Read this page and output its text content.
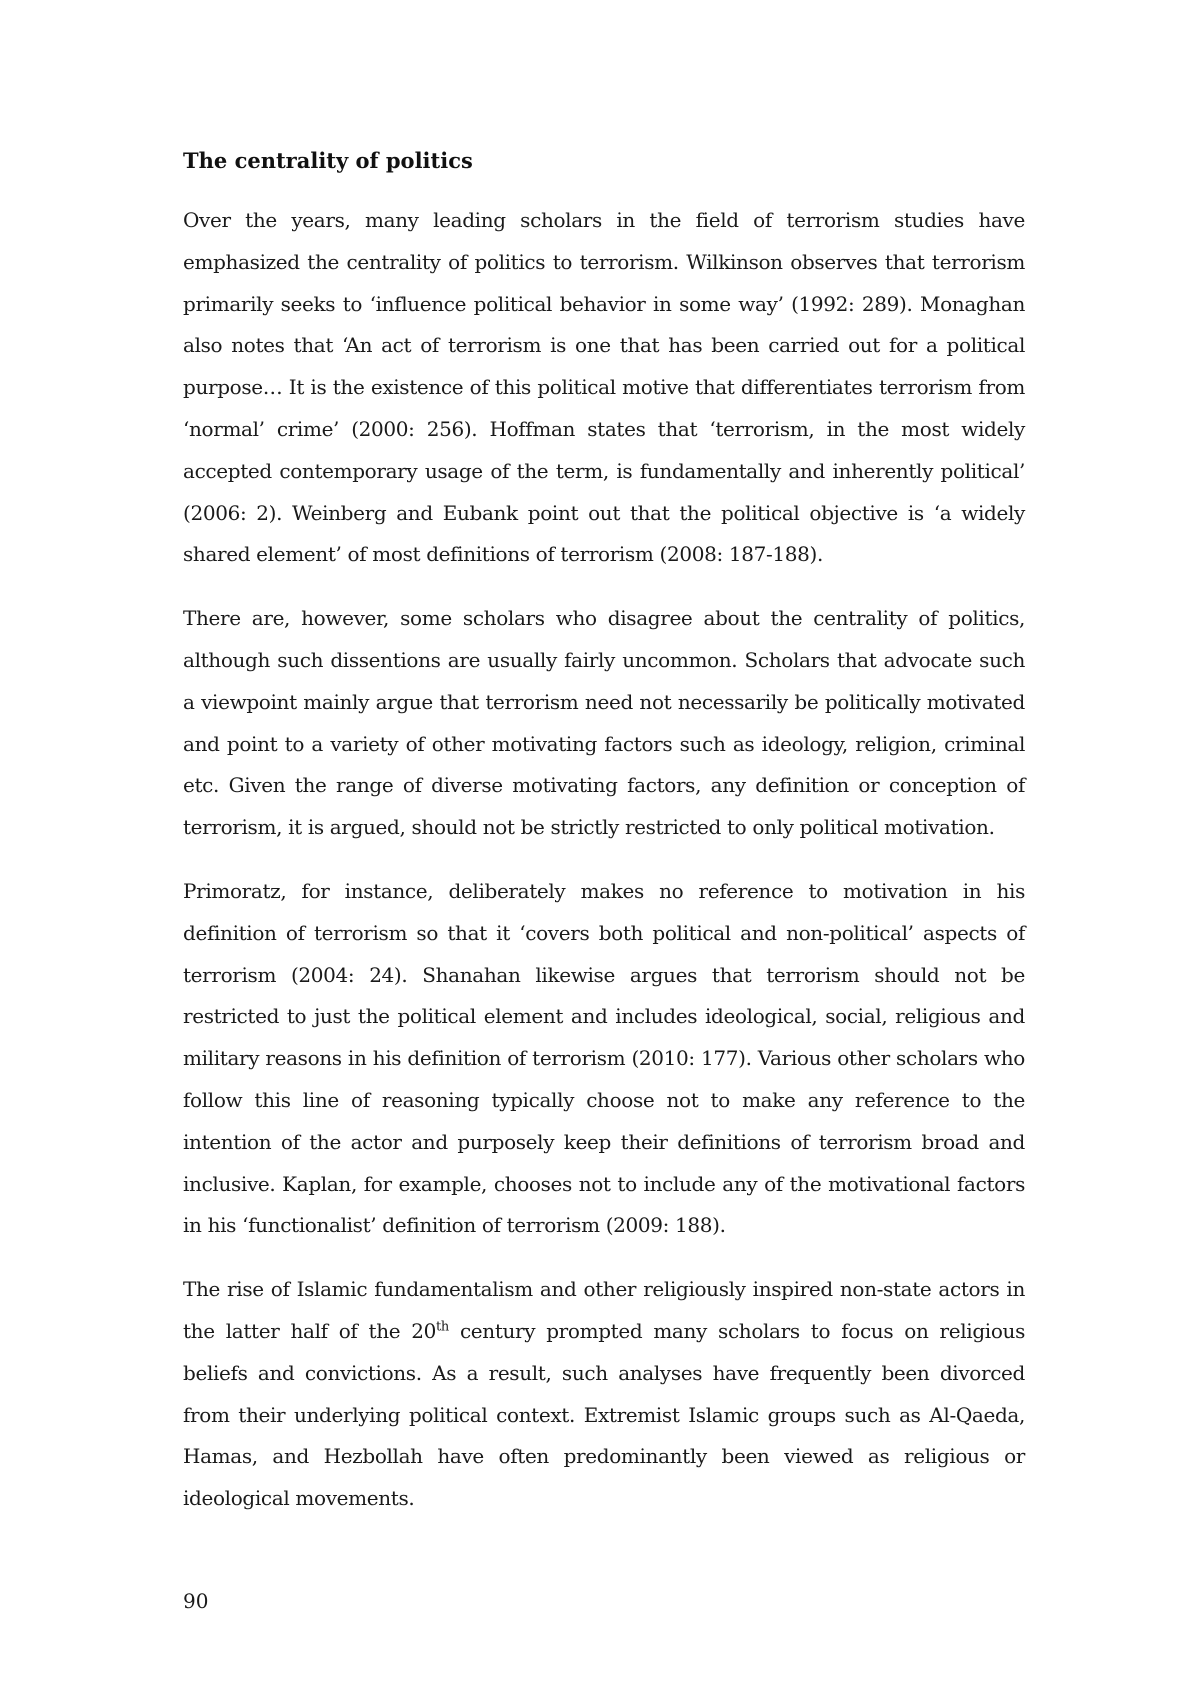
The centrality of politics

Over the years, many leading scholars in the field of terrorism studies have emphasized the centrality of politics to terrorism. Wilkinson observes that terrorism primarily seeks to ‘influence political behavior in some way’ (1992: 289). Monaghan also notes that ‘An act of terrorism is one that has been carried out for a political purpose… It is the existence of this political motive that differentiates terrorism from ‘normal’ crime’ (2000: 256). Hoffman states that ‘terrorism, in the most widely accepted contemporary usage of the term, is fundamentally and inherently political’ (2006: 2). Weinberg and Eubank point out that the political objective is ‘a widely shared element’ of most definitions of terrorism (2008: 187-188).

There are, however, some scholars who disagree about the centrality of politics, although such dissentions are usually fairly uncommon. Scholars that advocate such a viewpoint mainly argue that terrorism need not necessarily be politically motivated and point to a variety of other motivating factors such as ideology, religion, criminal etc. Given the range of diverse motivating factors, any definition or conception of terrorism, it is argued, should not be strictly restricted to only political motivation.

Primoratz, for instance, deliberately makes no reference to motivation in his definition of terrorism so that it ‘covers both political and non-political’ aspects of terrorism (2004: 24). Shanahan likewise argues that terrorism should not be restricted to just the political element and includes ideological, social, religious and military reasons in his definition of terrorism (2010: 177). Various other scholars who follow this line of reasoning typically choose not to make any reference to the intention of the actor and purposely keep their definitions of terrorism broad and inclusive. Kaplan, for example, chooses not to include any of the motivational factors in his ‘functionalist’ definition of terrorism (2009: 188).

The rise of Islamic fundamentalism and other religiously inspired non-state actors in the latter half of the 20th century prompted many scholars to focus on religious beliefs and convictions. As a result, such analyses have frequently been divorced from their underlying political context. Extremist Islamic groups such as Al-Qaeda, Hamas, and Hezbollah have often predominantly been viewed as religious or ideological movements.

90
